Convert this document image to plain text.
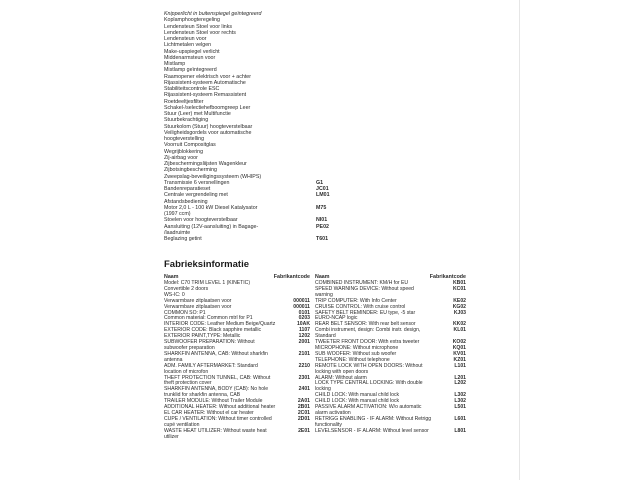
Knipperlicht in buitenspiegel geïntegreerd
Koplamphoogteregeling
Lendensteun Stoel voor links
Lendensteun Stoel voor rechts
Lendensteun voor
Lichtmetalen velgen
Make-upspiegel verlicht
Middenarmsteun voor
Mistlamp
Mistlamp geïntegreerd
Raamopener elektrisch voor + achter
Rijassistent-systeem Automatische
Stabiliteitscontrole ESC
Rijassistent-systeem Remassistent
Roetdeeltjesfilter
Schakel-/selectiehefboomgreep Leer
Stuur (Leer) met Multifunctie
Stuurbekrachtiging
Stuurkolom (Stuur) hoogteverstelbaar
Veiligheidsgordels voor automatische
hoogteverstelling
Voorruit Compositglas
Wegrijblokkering
Zij-airbag voor
Zijbeschermingsliijsten Wagenkleur
Zijbotsingbescherming
Zweepslag-beveiligingssysteem (WHIPS)
Transmissie 6 versnellingen	G1
Bandenreparatieset	JC01
Centrale vergrendeling met	LM01
Afstandsbediening
Motor 2,0 L - 100 kW Diesel Katalysator	M75
(1997 ccm)
Stoelen voor hoogteverstelbaar	NI01
Aansluiting (12V-aansluiting) in Bagage-	PE02
/laadruimte
Beglazing getint	T601
Fabrieksinformatie
Naam	Fabrikantcode
Model: C70 TRIM LEVEL 1 (KINETIC)
Convertible 2 doors
WS-IC: 0
Verwarmbare zitplaatsen voor	000011
Verwarmbare zitplaatsen voor	000011
COMMON SO: P1	0101
Common material: Common mtrl for P1	0203
INTERIOR CODE: Leather Medium Beige/Quartz	10AK
EXTERIOR CODE: Black sapphire metallic	1107
EXTERIOR PAINT,TYPE: Metallic	1202
SUBWOOFER PREPARATION: Without subwoofer preparation
2001
SHARKFIN ANTENNA, CAB: Without sharkfin antenna
2101
ADM. FAMILY AFTERMARKET: Standard location of microfon
2210
THEFT PROTECTION TUNNEL, CAB: Without theft protection cover
2301
SHARKFIN ANTENNA, BODY (CAB): No hole trunklid for sharkfin antenna, CAB
2401
TRAILER MODULE: Without Trailer Module	2A01
ADDITIONAL HEATER: Without additional heater	2B01
EL CAR HEATER: Without el car heater	2C01
CUPE / VENTILATION: Without timer controlled cupé ventilation
2D01
WASTE HEAT UTILIZER: Without waste heat utilizer
2E01
Naam	Fabrikantcode
COMBINED INSTRUMENT: KM/H for EU	KB01
SPEED WARNING DEVICE: Without speed warning
KC01
TRIP COMPUTER: With Info Center	KE02
CRUISE CONTROL: With cruise control	KG02
SAFETY BELT REMINDER: EU type, -5 star EURO-NCAP logic
KJ03
REAR BELT SENSOR: With rear belt sensor	KK02
Combi instrument, design: Combi instr. design, Standard
KL01
TWEETER FRONT DOOR: With extra tweeter	KO02
MICROPHONE: Without microphone	KQ01
SUB WOOFER: Without sub woofer	KV01
TELEPHONE: Without telephone	KZ01
REMOTE LOCK WITH OPEN DOORS: Without locking with open doors
L101
ALARM: Without alarm	L201
LOCK TYPE CENTRAL LOCKING: With double locking
L202
CHILD LOCK: With manual child lock	L302
CHILD LOCK: With manual child lock	L302
PASSIVE ALARM ACTIVATION: W/o automatic alarm activation
L501
RETRIGG ENABLING - IF ALARM: Without Retrigg functionality
L601
LEVELSENSOR - IF ALARM: Without level sensor	L801
